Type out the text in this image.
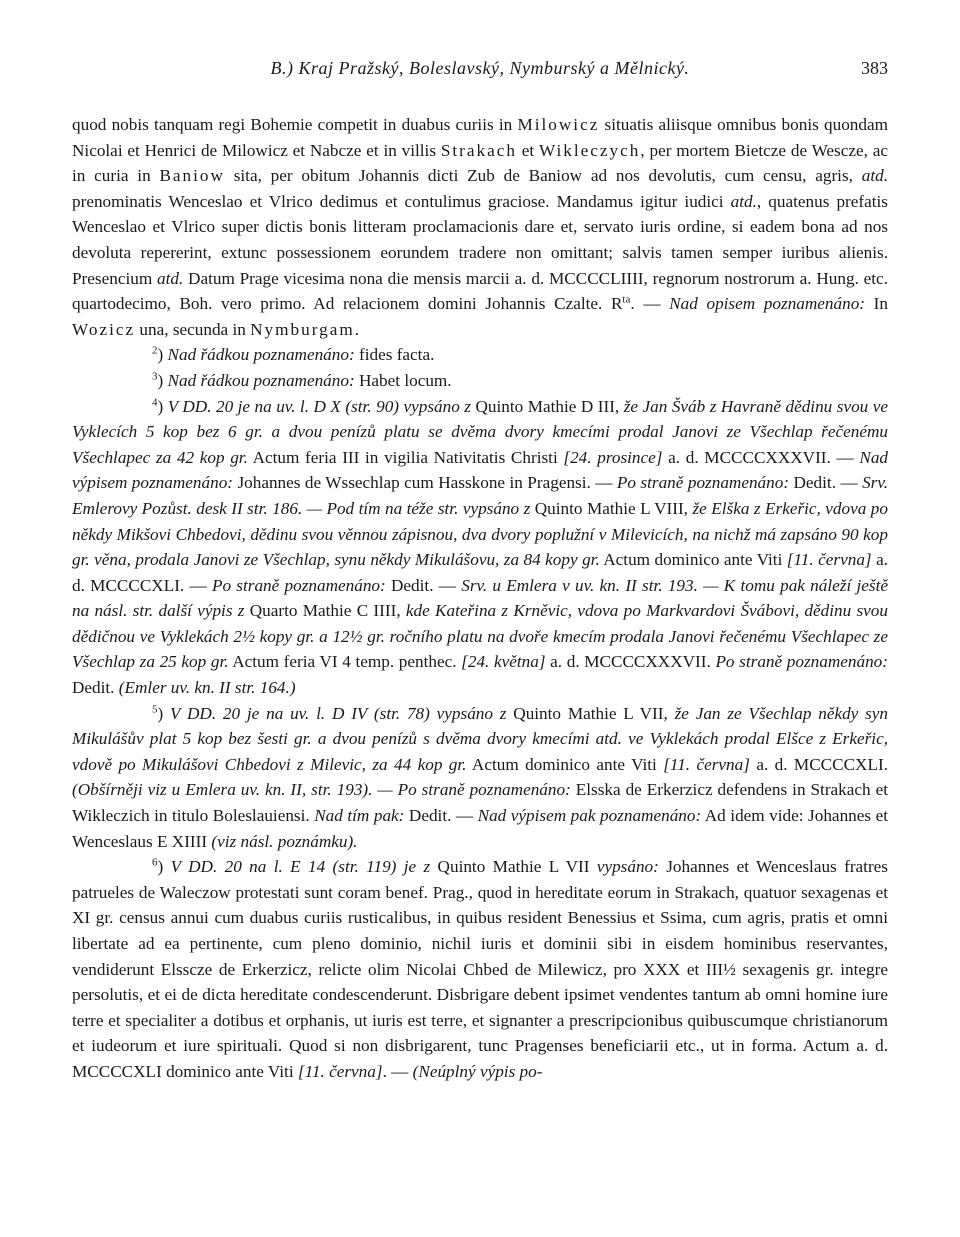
B.) Kraj Pražský, Boleslavský, Nymburský a Mělnický.	383

quod nobis tanquam regi Bohemie competit in duabus curiis in Milowicz situatis aliisque omnibus bonis quondam Nicolai et Henrici de Milowicz et Nabcze et in villis Strakach et Wikleczych, per mortem Bietcze de Wescze, ac in curia in Baniow sita, per obitum Johannis dicti Zub de Baniow ad nos devolutis, cum censu, agris, atd. prenominatis Wenceslao et Vlrico dedimus et contulimus graciose. Mandamus igitur iudici atd., quatenus prefatis Wenceslao et Vlrico super dictis bonis litteram proclamacionis dare et, servato iuris ordine, si eadem bona ad nos devoluta repererint, extunc possessionem eorundem tradere non omittant; salvis tamen semper iuribus alienis. Presencium atd. Datum Prage vicesima nona die mensis marcii a. d. MCCCCLIIII, regnorum nostrorum a. Hung. etc. quartodecimo, Boh. vero primo. Ad relacionem domini Johannis Czalte. $R^{ta}$. — Nad opisem poznamenáno: In Wozicz una, secunda in Nymburgam.

$^2$) Nad řádkou poznamenáno: fides facta.

$^3$) Nad řádkou poznamenáno: Habet locum.

$^4$) V DD. 20 je na uv. l. D X (str. 90) vypsáno z Quinto Mathie D III, že Jan Šváb z Havraně dědinu svou ve Vyklecích 5 kop bez 6 gr. a dvou penízů platu se dvěma dvory kmecími prodal Janovi ze Všechlap řečenému Všechlapec za 42 kop gr. Actum feria III in vigilia Nativitatis Christi [24. prosince] a. d. MCCCCXXXVII. — Nad výpisem poznamenáno: Johannes de Wssechlap cum Hasskone in Pragensi. — Po straně poznamenáno: Dedit. — Srv. Emlerovy Pozůst. desk II str. 186. — Pod tím na téže str. vypsáno z Quinto Mathie L VIII, že Elška z Erkeřic, vdova po někdy Mikšovi Chbedovi, dědinu svou věnnou zápisnou, dva dvory poplužní v Milevicích, na nichž má zapsáno 90 kop gr. věna, prodala Janovi ze Všechlap, synu někdy Mikulášovu, za 84 kopy gr. Actum dominico ante Viti [11. června] a. d. MCCCCXLI. — Po straně poznamenáno: Dedit. — Srv. u Emlera v uv. kn. II str. 193. — K tomu pak náleží ještě na násl. str. další výpis z Quarto Mathie C IIII, kde Kateřina z Krněvic, vdova po Markvardovi Švábovi, dědinu svou dědičnou ve Vyklekách 2½ kopy gr. a 12½ gr. ročního platu na dvoře kmecím prodala Janovi řečenému Všechlapec ze Všechlap za 25 kop gr. Actum feria VI 4 temp. penthec. [24. května] a. d. MCCCCXXXVII. Po straně poznamenáno: Dedit. (Emler uv. kn. II str. 164.)

$^5$) V DD. 20 je na uv. l. D IV (str. 78) vypsáno z Quinto Mathie L VII, že Jan ze Všechlap někdy syn Mikulášův plat 5 kop bez šesti gr. a dvou penízů s dvěma dvory kmecími atd. ve Vyklekách prodal Elšce z Erkeřic, vdově po Mikulášovi Chbedovi z Milevic, za 44 kop gr. Actum dominico ante Viti [11. června] a. d. MCCCCXLI. (Obšírněji viz u Emlera uv. kn. II, str. 193). — Po straně poznamenáno: Elsska de Erkerzicz defendens in Strakach et Wikleczich in titulo Boleslauiensi. Nad tím pak: Dedit. — Nad výpisem pak poznamenáno: Ad idem vide: Johannes et Wenceslaus E XIIII (viz násl. poznámku).

$^6$) V DD. 20 na l. E 14 (str. 119) je z Quinto Mathie L VII vypsáno: Johannes et Wenceslaus fratres patrueles de Waleczow protestati sunt coram benef. Prag., quod in hereditate eorum in Strakach, quatuor sexagenas et XI gr. census annui cum duabus curiis rusticalibus, in quibus resident Benessius et Ssima, cum agris, pratis et omni libertate ad ea pertinente, cum pleno dominio, nichil iuris et dominii sibi in eisdem hominibus reservantes, vendiderunt Elsscze de Erkerzicz, relicte olim Nicolai Chbed de Milewicz, pro XXX et III½ sexagenis gr. integre persolutis, et ei de dicta hereditate condescenderunt. Disbrigare debent ipsimet vendentes tantum ab omni homine iure terre et specialiter a dotibus et orphanis, ut iuris est terre, et signanter a prescripcionibus quibuscumque christianorum et iudeorum et iure spirituali. Quod si non disbrigarent, tunc Pragenses beneficiarii etc., ut in forma. Actum a. d. MCCCCXLI dominico ante Viti [11. června]. — (Neúplný výpis po-
